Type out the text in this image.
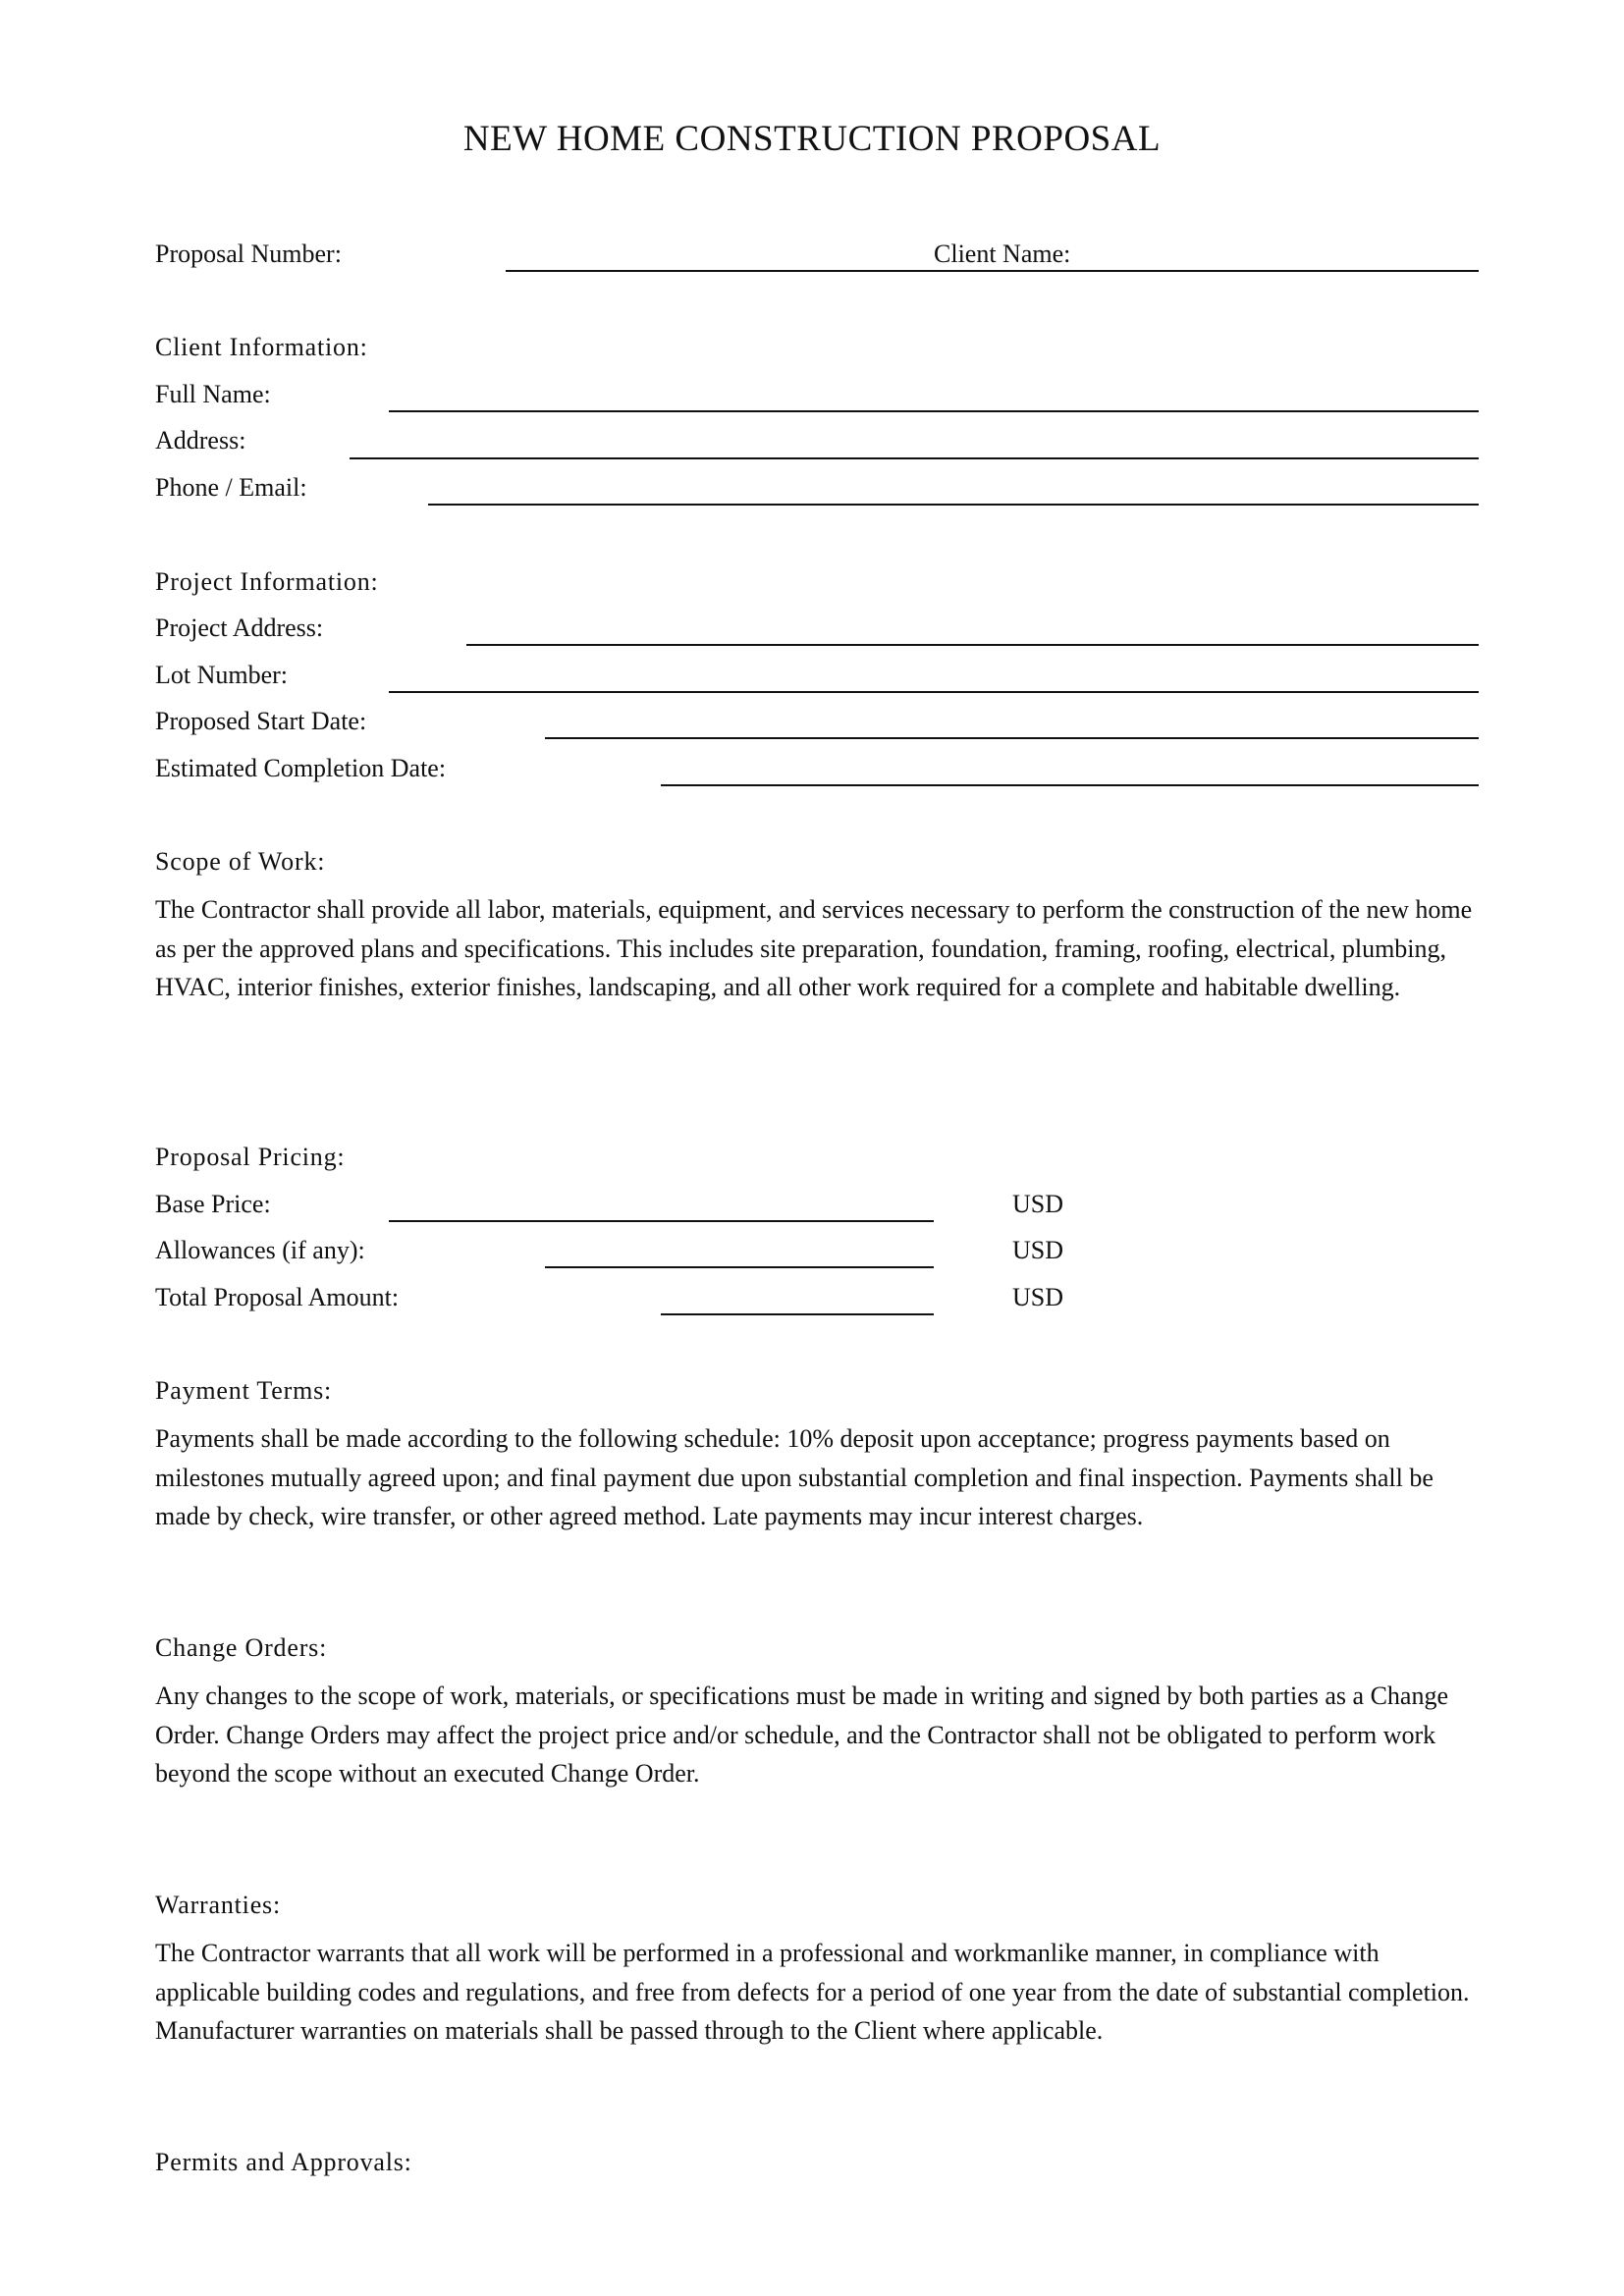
NEW HOME CONSTRUCTION PROPOSAL
Proposal Number:	Client Name:
Client Information:
Full Name:
Address:
Phone / Email:
Project Information:
Project Address:
Lot Number:
Proposed Start Date:
Estimated Completion Date:
Scope of Work:
The Contractor shall provide all labor, materials, equipment, and services necessary to perform the construction of the new home as per the approved plans and specifications. This includes site preparation, foundation, framing, roofing, electrical, plumbing, HVAC, interior finishes, exterior finishes, landscaping, and all other work required for a complete and habitable dwelling.
Proposal Pricing:
Base Price:	USD
Allowances (if any):	USD
Total Proposal Amount:	USD
Payment Terms:
Payments shall be made according to the following schedule: 10% deposit upon acceptance; progress payments based on milestones mutually agreed upon; and final payment due upon substantial completion and final inspection. Payments shall be made by check, wire transfer, or other agreed method. Late payments may incur interest charges.
Change Orders:
Any changes to the scope of work, materials, or specifications must be made in writing and signed by both parties as a Change Order. Change Orders may affect the project price and/or schedule, and the Contractor shall not be obligated to perform work beyond the scope without an executed Change Order.
Warranties:
The Contractor warrants that all work will be performed in a professional and workmanlike manner, in compliance with applicable building codes and regulations, and free from defects for a period of one year from the date of substantial completion. Manufacturer warranties on materials shall be passed through to the Client where applicable.
Permits and Approvals:
